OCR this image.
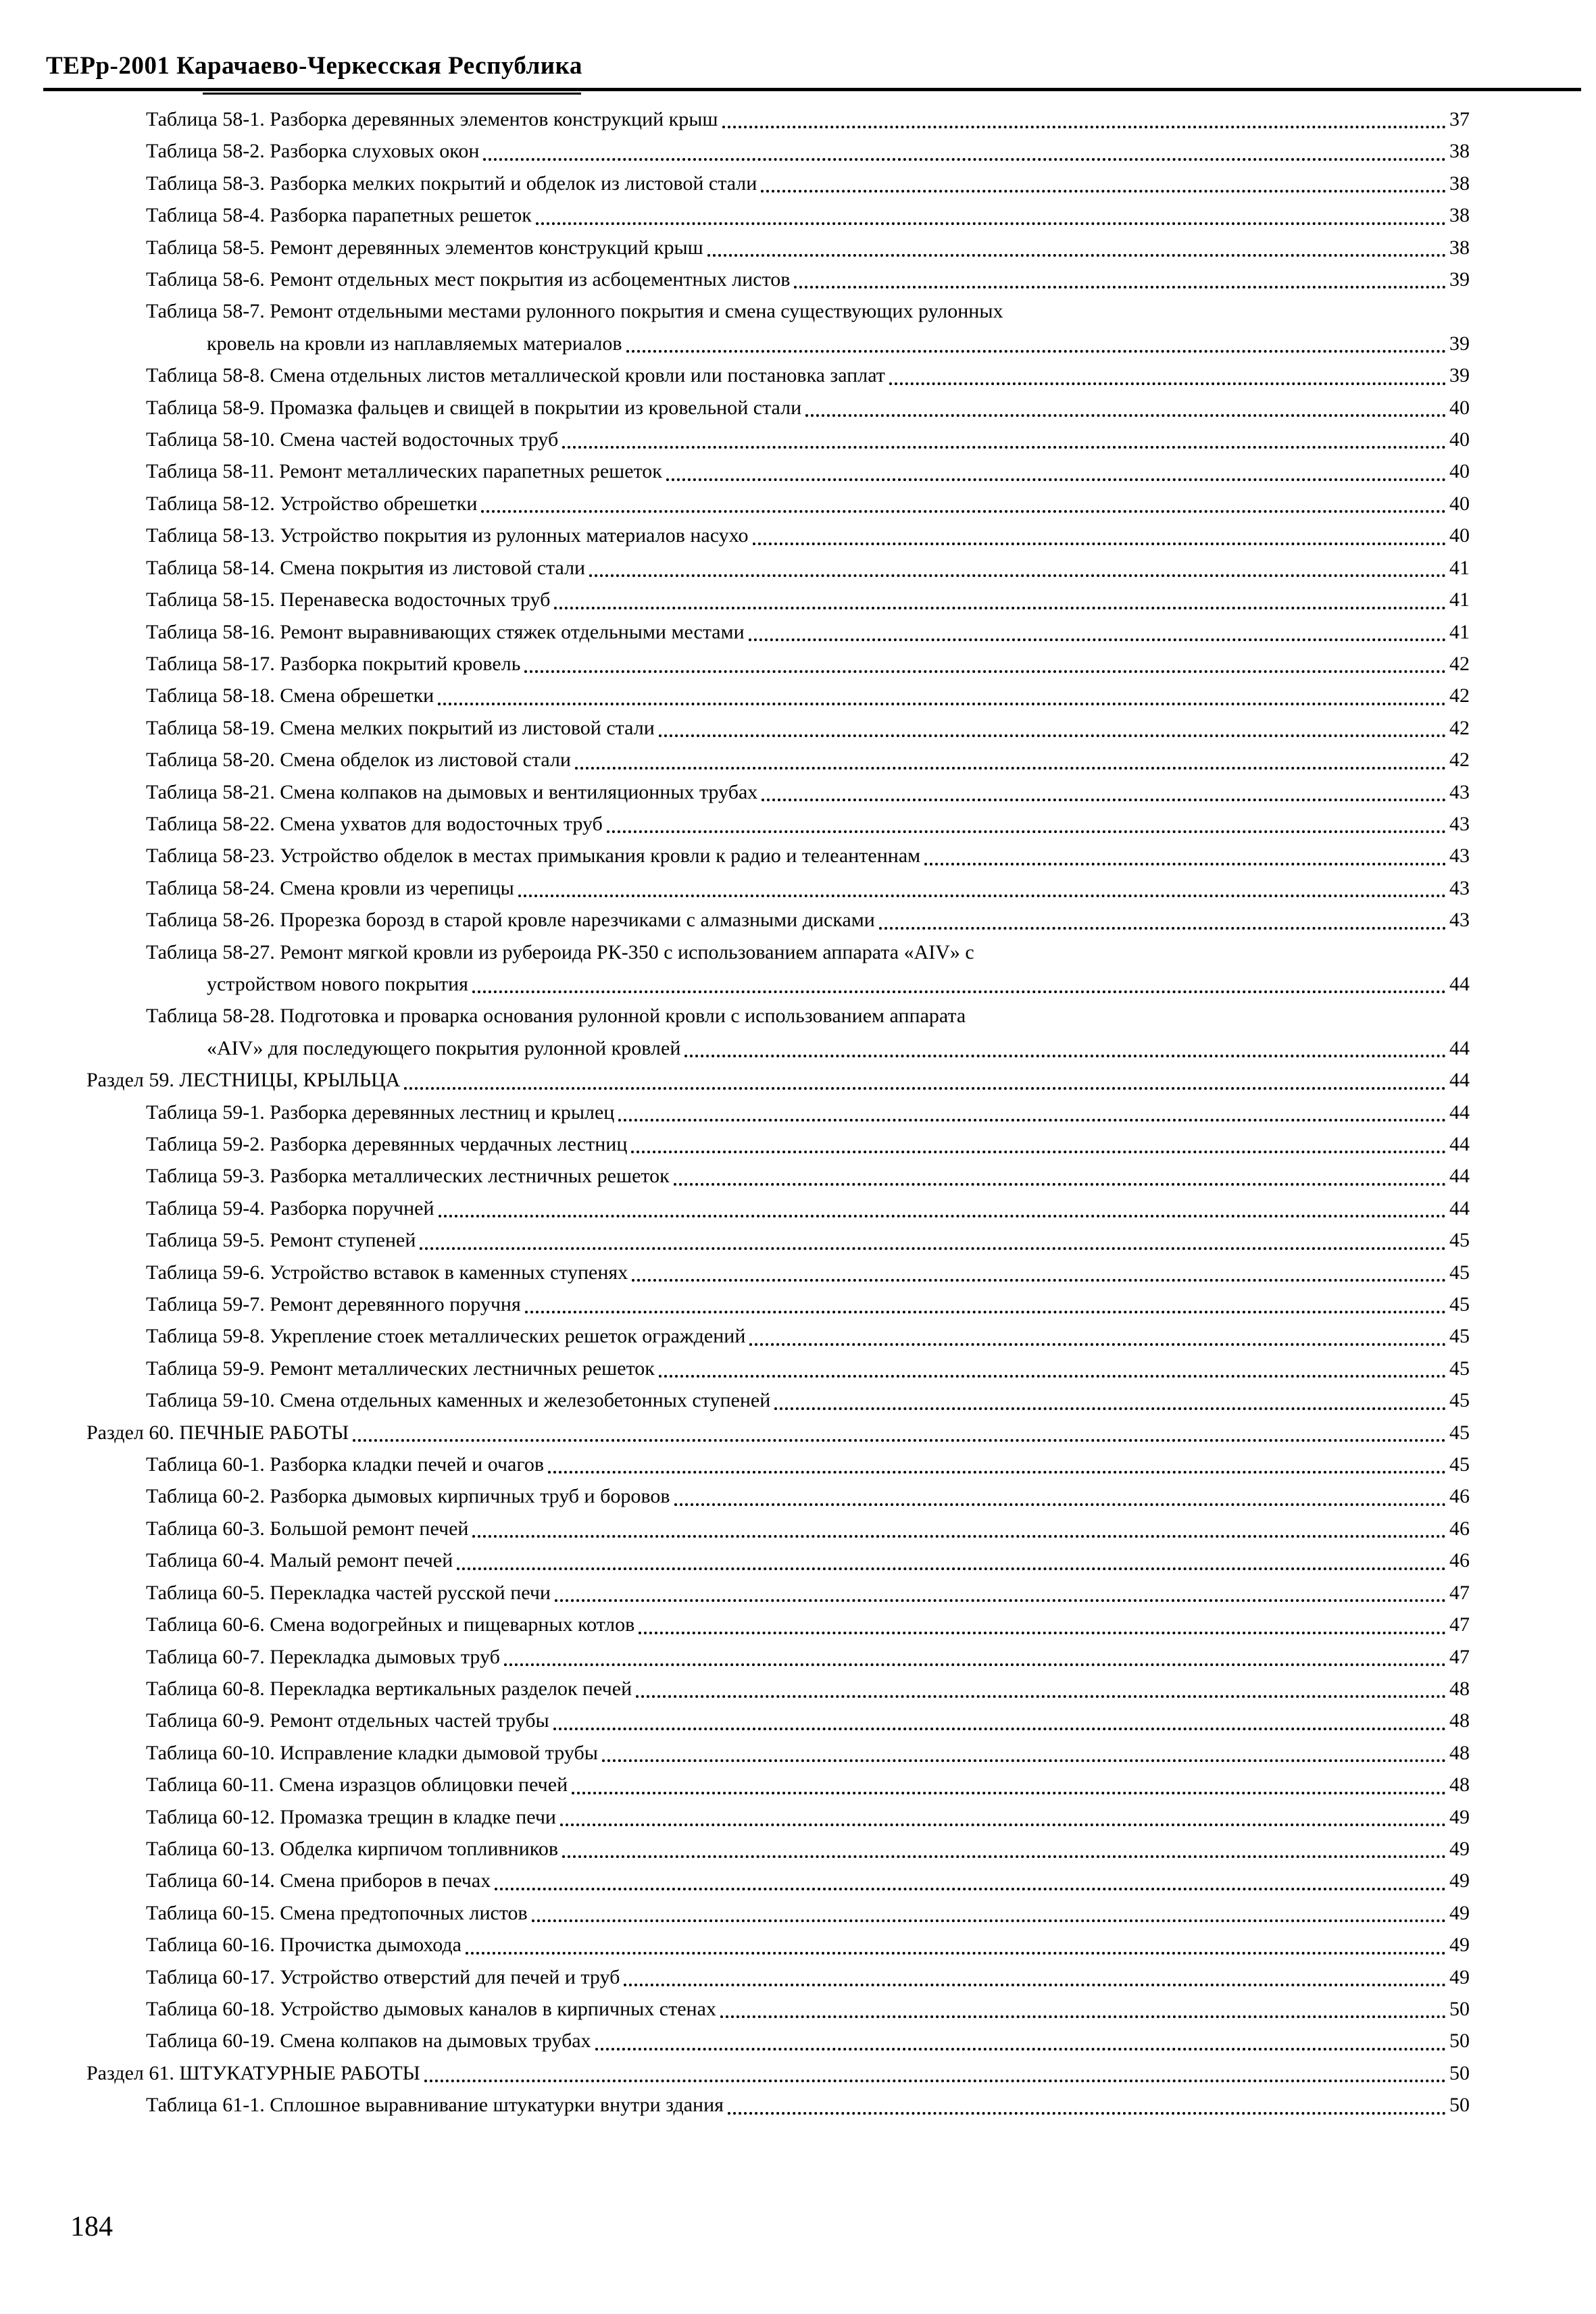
ТЕРр-2001 Карачаево-Черкесская Республика
Таблица 58-1. Разборка деревянных элементов конструкций крыш	37
Таблица 58-2. Разборка слуховых окон	38
Таблица 58-3. Разборка мелких покрытий и обделок из листовой стали	38
Таблица 58-4. Разборка парапетных решеток	38
Таблица 58-5. Ремонт деревянных элементов конструкций крыш	38
Таблица 58-6. Ремонт отдельных мест покрытия из асбоцементных листов	39
Таблица 58-7. Ремонт отдельными местами рулонного покрытия и смена существующих рулонных
кровель на кровли из наплавляемых материалов	39
Таблица 58-8. Смена отдельных листов металлической кровли или постановка заплат	39
Таблица 58-9. Промазка фальцев и свищей в покрытии из кровельной стали	40
Таблица 58-10. Смена частей водосточных труб	40
Таблица 58-11. Ремонт металлических парапетных решеток	40
Таблица 58-12. Устройство обрешетки	40
Таблица 58-13. Устройство покрытия из рулонных материалов насухо	40
Таблица 58-14. Смена покрытия из листовой стали	41
Таблица 58-15. Перенавеска водосточных труб	41
Таблица 58-16. Ремонт выравнивающих стяжек отдельными местами	41
Таблица 58-17. Разборка покрытий кровель	42
Таблица 58-18. Смена обрешетки	42
Таблица 58-19. Смена мелких покрытий из листовой стали	42
Таблица 58-20. Смена обделок из листовой стали	42
Таблица 58-21. Смена колпаков на дымовых и вентиляционных трубах	43
Таблица 58-22. Смена ухватов для водосточных труб	43
Таблица 58-23. Устройство обделок в местах примыкания кровли к радио и телеантеннам	43
Таблица 58-24. Смена кровли из черепицы	43
Таблица 58-26. Прорезка борозд в старой кровле нарезчиками с алмазными дисками	43
Таблица 58-27. Ремонт мягкой кровли из рубероида РК-350 с использованием аппарата «AIV» с
устройством нового покрытия	44
Таблица 58-28. Подготовка и проварка основания рулонной кровли с использованием аппарата
«AIV» для последующего покрытия рулонной кровлей	44
Раздел 59. ЛЕСТНИЦЫ, КРЫЛЬЦА	44
Таблица 59-1. Разборка деревянных лестниц и крылец	44
Таблица 59-2. Разборка деревянных чердачных лестниц	44
Таблица 59-3. Разборка металлических лестничных решеток	44
Таблица 59-4. Разборка поручней	44
Таблица 59-5. Ремонт ступеней	45
Таблица 59-6. Устройство вставок в каменных ступенях	45
Таблица 59-7. Ремонт деревянного поручня	45
Таблица 59-8. Укрепление стоек металлических решеток ограждений	45
Таблица 59-9. Ремонт металлических лестничных решеток	45
Таблица 59-10. Смена отдельных каменных и железобетонных ступеней	45
Раздел 60. ПЕЧНЫЕ РАБОТЫ	45
Таблица 60-1. Разборка кладки печей и очагов	45
Таблица 60-2. Разборка дымовых кирпичных труб и боровов	46
Таблица 60-3. Большой ремонт печей	46
Таблица 60-4. Малый ремонт печей	46
Таблица 60-5. Перекладка частей русской печи	47
Таблица 60-6. Смена водогрейных и пищеварных котлов	47
Таблица 60-7. Перекладка дымовых труб	47
Таблица 60-8. Перекладка вертикальных разделок печей	48
Таблица 60-9. Ремонт отдельных частей трубы	48
Таблица 60-10. Исправление кладки дымовой трубы	48
Таблица 60-11. Смена изразцов облицовки печей	48
Таблица 60-12. Промазка трещин в кладке печи	49
Таблица 60-13. Обделка кирпичом топливников	49
Таблица 60-14. Смена приборов в печах	49
Таблица 60-15. Смена предтопочных листов	49
Таблица 60-16. Прочистка дымохода	49
Таблица 60-17. Устройство отверстий для печей и труб	49
Таблица 60-18. Устройство дымовых каналов в кирпичных стенах	50
Таблица 60-19. Смена колпаков на дымовых трубах	50
Раздел 61. ШТУКАТУРНЫЕ РАБОТЫ	50
Таблица 61-1. Сплошное выравнивание штукатурки внутри здания	50
184
